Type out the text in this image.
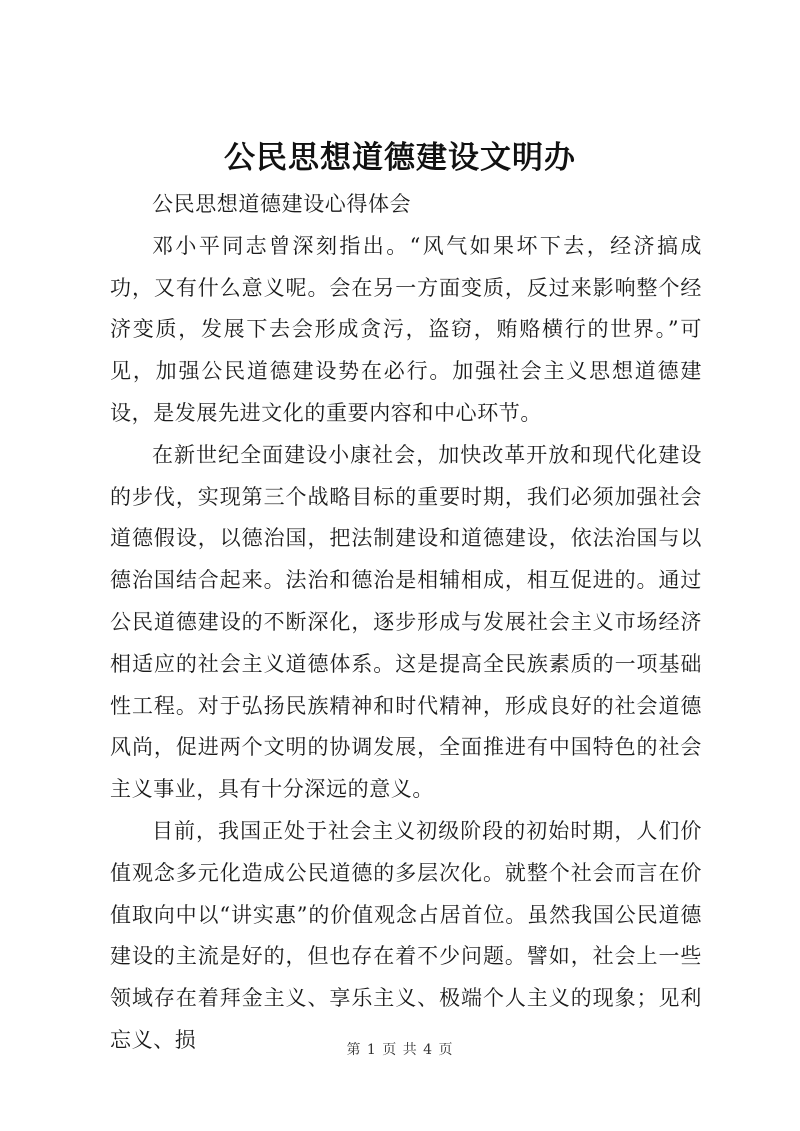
公民思想道德建设文明办

公民思想道德建设心得体会

邓小平同志曾深刻指出。“风气如果坏下去，经济搞成功，又有什么意义呢。会在另一方面变质，反过来影响整个经济变质，发展下去会形成贪污，盗窃，贿赂横行的世界。”可见，加强公民道德建设势在必行。加强社会主义思想道德建设，是发展先进文化的重要内容和中心环节。

在新世纪全面建设小康社会，加快改革开放和现代化建设的步伐，实现第三个战略目标的重要时期，我们必须加强社会道德假设，以德治国，把法制建设和道德建设，依法治国与以德治国结合起来。法治和德治是相辅相成，相互促进的。通过公民道德建设的不断深化，逐步形成与发展社会主义市场经济相适应的社会主义道德体系。这是提高全民族素质的一项基础性工程。对于弘扬民族精神和时代精神，形成良好的社会道德风尚，促进两个文明的协调发展，全面推进有中国特色的社会主义事业，具有十分深远的意义。

目前，我国正处于社会主义初级阶段的初始时期，人们价值观念多元化造成公民道德的多层次化。就整个社会而言在价值取向中以“讲实惠”的价值观念占居首位。虽然我国公民道德建设的主流是好的，但也存在着不少问题。譬如，社会上一些领域存在着拜金主义、享乐主义、极端个人主义的现象；见利忘义、损	第 1 页 共 4 页
